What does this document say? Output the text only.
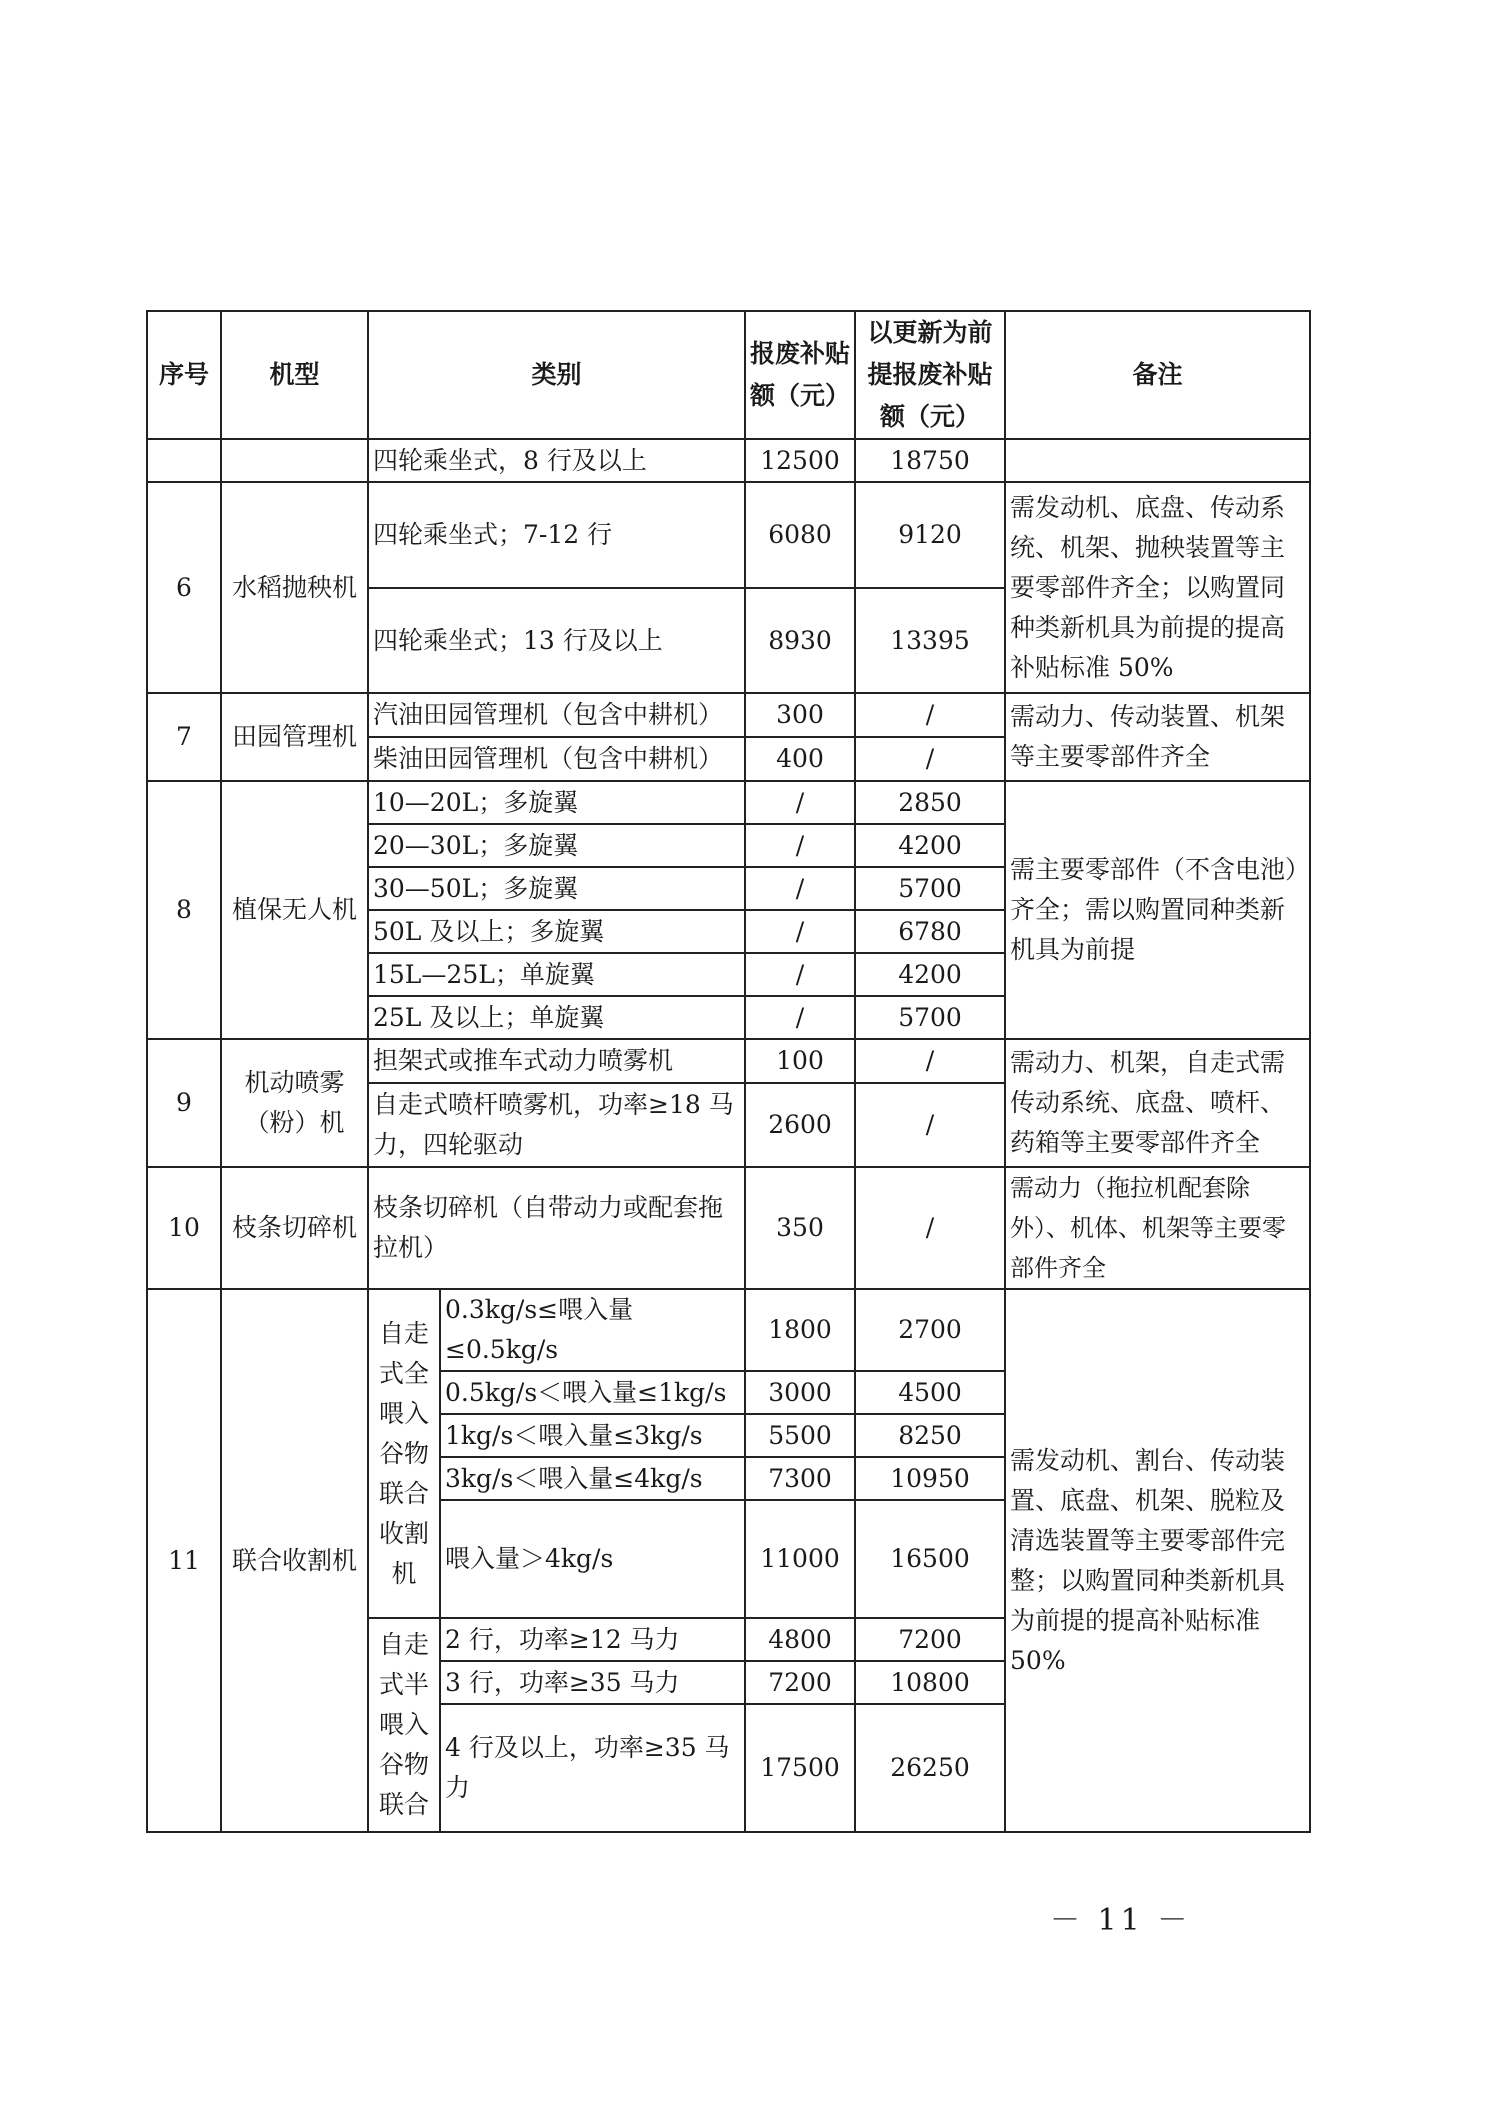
序号	机型	类别		报废补贴额（元）	以更新为前提报废补贴额（元）	备注
		四轮乘坐式，8 行及以上		12500	18750	
6	水稻抛秧机	四轮乘坐式；7-12 行		6080	9120	需发动机、底盘、传动系统、机架、抛秧装置等主要零部件齐全；以购置同种类新机具为前提的提高补贴标准 50%
		四轮乘坐式；13 行及以上		8930	13395	
7	田园管理机	汽油田园管理机（包含中耕机）		300	/	需动力、传动装置、机架等主要零部件齐全
		柴油田园管理机（包含中耕机）		400	/	
8	植保无人机	10—20L；多旋翼		/	2850	需主要零部件（不含电池）齐全；需以购置同种类新机具为前提
		20—30L；多旋翼		/	4200	
		30—50L；多旋翼		/	5700	
		50L 及以上；多旋翼		/	6780	
		15L—25L；单旋翼		/	4200	
		25L 及以上；单旋翼		/	5700	
9	机动喷雾（粉）机	担架式或推车式动力喷雾机		100	/	需动力、机架，自走式需传动系统、底盘、喷杆、药箱等主要零部件齐全
		自走式喷杆喷雾机，功率≥18 马力，四轮驱动		2600	/	
10	枝条切碎机	枝条切碎机（自带动力或配套拖拉机）		350	/	需动力（拖拉机配套除外）、机体、机架等主要零部件齐全
11	联合收割机	自走式全喂入谷物联合收割机	0.3kg/s≤喂入量≤0.5kg/s	1800	2700	需发动机、割台、传动装置、底盘、机架、脱粒及清选装置等主要零部件完整；以购置同种类新机具为前提的提高补贴标准 50%
			0.5kg/s＜喂入量≤1kg/s	3000	4500	
			1kg/s＜喂入量≤3kg/s	5500	8250	
			3kg/s＜喂入量≤4kg/s	7300	10950	
			喂入量＞4kg/s	11000	16500	
		自走式半喂入谷物联合	2 行，功率≥12 马力	4800	7200	
			3 行，功率≥35 马力	7200	10800	
			4 行及以上，功率≥35 马力	17500	26250	
－ 11 －
